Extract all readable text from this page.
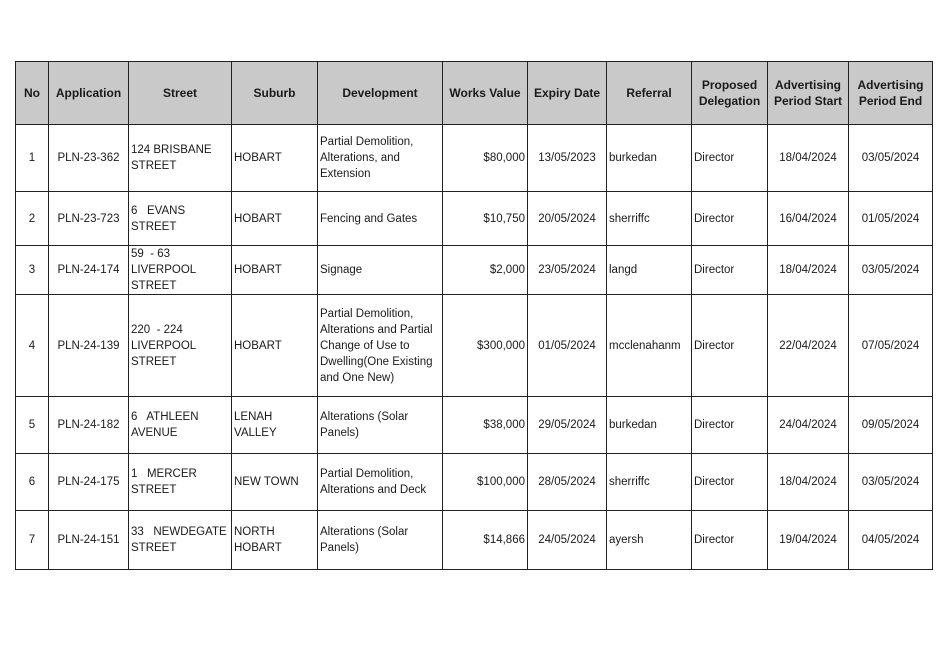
No	Application	Street	Suburb	Development	Works Value	Expiry Date	Referral	Proposed Delegation	Advertising Period Start	Advertising Period End
1	PLN-23-362	124 BRISBANE STREET	HOBART	Partial Demolition, Alterations, and Extension	$80,000	13/05/2023	burkedan	Director	18/04/2024	03/05/2024
2	PLN-23-723	6   EVANS STREET	HOBART	Fencing and Gates	$10,750	20/05/2024	sherriffc	Director	16/04/2024	01/05/2024
3	PLN-24-174	59  - 63 LIVERPOOL STREET	HOBART	Signage	$2,000	23/05/2024	langd	Director	18/04/2024	03/05/2024
4	PLN-24-139	220  - 224 LIVERPOOL STREET	HOBART	Partial Demolition, Alterations and Partial Change of Use to Dwelling(One Existing and One New)	$300,000	01/05/2024	mcclenahanm	Director	22/04/2024	07/05/2024
5	PLN-24-182	6   ATHLEEN AVENUE	LENAH VALLEY	Alterations (Solar Panels)	$38,000	29/05/2024	burkedan	Director	24/04/2024	09/05/2024
6	PLN-24-175	1   MERCER STREET	NEW TOWN	Partial Demolition, Alterations and Deck	$100,000	28/05/2024	sherriffc	Director	18/04/2024	03/05/2024
7	PLN-24-151	33   NEWDEGATE STREET	NORTH HOBART	Alterations (Solar Panels)	$14,866	24/05/2024	ayersh	Director	19/04/2024	04/05/2024
